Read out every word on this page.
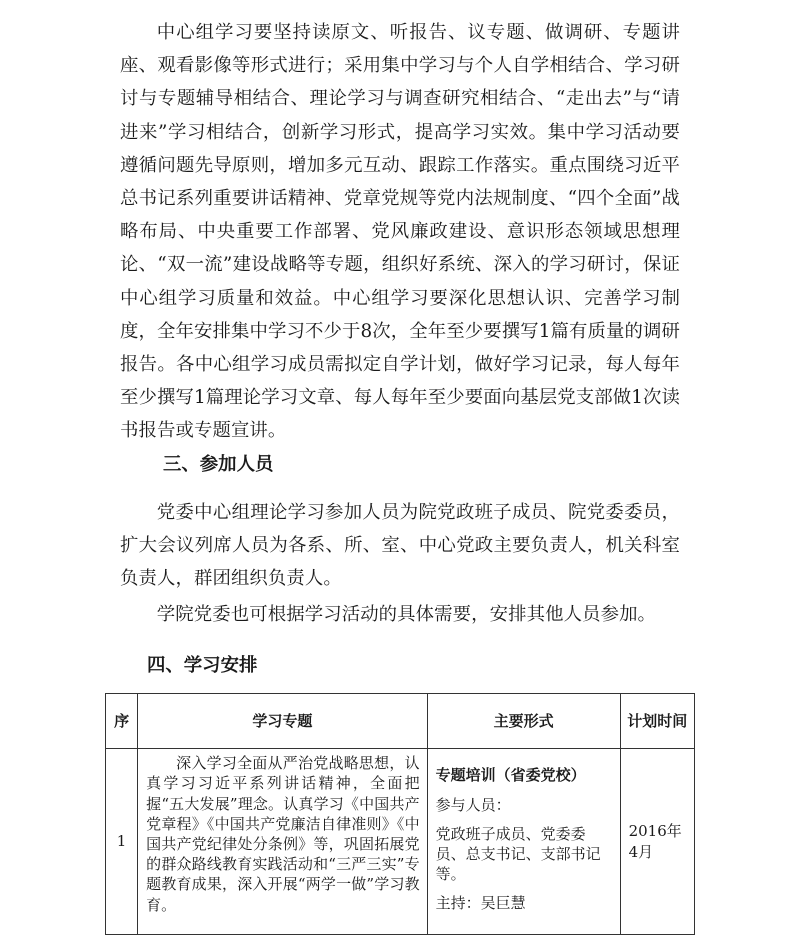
中心组学习要坚持读原文、听报告、议专题、做调研、专题讲座、观看影像等形式进行；采用集中学习与个人自学相结合、学习研讨与专题辅导相结合、理论学习与调查研究相结合、“走出去”与“请进来”学习相结合，创新学习形式，提高学习实效。集中学习活动要遵循问题先导原则，增加多元互动、跟踪工作落实。重点围绕习近平总书记系列重要讲话精神、党章党规等党内法规制度、“四个全面”战略布局、中央重要工作部署、党风廉政建设、意识形态领域思想理论、“双一流”建设战略等专题，组织好系统、深入的学习研讨，保证中心组学习质量和效益。中心组学习要深化思想认识、完善学习制度，全年安排集中学习不少于8次，全年至少要撰写1篇有质量的调研报告。各中心组学习成员需拟定自学计划，做好学习记录，每人每年至少撰写1篇理论学习文章、每人每年至少要面向基层党支部做1次读书报告或专题宣讲。

三、参加人员

党委中心组理论学习参加人员为院党政班子成员、院党委委员，扩大会议列席人员为各系、所、室、中心党政主要负责人，机关科室负责人，群团组织负责人。

学院党委也可根据学习活动的具体需要，安排其他人员参加。

四、学习安排
序	学习专题	主要形式	计划时间
1	深入学习全面从严治党战略思想，认真学习习近平系列讲话精神，全面把握“五大发展”理念。认真学习《中国共产党章程》《中国共产党廉洁自律准则》《中国共产党纪律处分条例》等，巩固拓展党的群众路线教育实践活动和“三严三实”专题教育成果，深入开展“两学一做”学习教育。	专题培训（省委党校）

参与人员：

党政班子成员、党委委员、总支书记、支部书记等。

主持：吴巨慧	2016年4月
